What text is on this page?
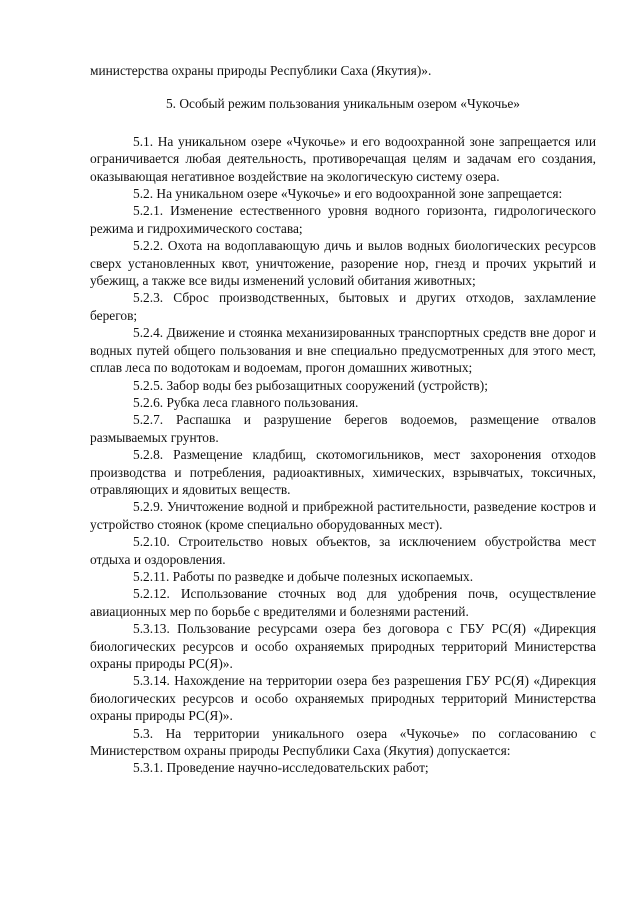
министерства охраны природы Республики Саха (Якутия)».

5. Особый режим пользования уникальным озером «Чукочье»

5.1. На уникальном озере «Чукочье» и его водоохранной зоне запрещается или ограничивается любая деятельность, противоречащая целям и задачам его создания, оказывающая негативное воздействие на экологическую систему озера.

5.2. На уникальном озере «Чукочье» и его водоохранной зоне запрещается:

5.2.1. Изменение естественного уровня водного горизонта, гидрологического режима и гидрохимического состава;

5.2.2. Охота на водоплавающую дичь и вылов водных биологических ресурсов сверх установленных квот, уничтожение, разорение нор, гнезд и прочих укрытий и убежищ, а также все виды изменений условий обитания животных;

5.2.3. Сброс производственных, бытовых и других отходов, захламление берегов;

5.2.4. Движение и стоянка механизированных транспортных средств вне дорог и водных путей общего пользования и вне специально предусмотренных для этого мест, сплав леса по водотокам и водоемам, прогон домашних животных;

5.2.5. Забор воды без рыбозащитных сооружений (устройств);

5.2.6. Рубка леса главного пользования.

5.2.7. Распашка и разрушение берегов водоемов, размещение отвалов размываемых грунтов.

5.2.8. Размещение кладбищ, скотомогильников, мест захоронения отходов производства и потребления, радиоактивных, химических, взрывчатых, токсичных, отравляющих и ядовитых веществ.

5.2.9. Уничтожение водной и прибрежной растительности, разведение костров и устройство стоянок (кроме специально оборудованных мест).

5.2.10. Строительство новых объектов, за исключением обустройства мест отдыха и оздоровления.

5.2.11. Работы по разведке и добыче полезных ископаемых.

5.2.12. Использование сточных вод для удобрения почв, осуществление авиационных мер по борьбе с вредителями и болезнями растений.

5.3.13. Пользование ресурсами озера без договора с ГБУ РС(Я) «Дирекция биологических ресурсов и особо охраняемых природных территорий Министерства охраны природы РС(Я)».

5.3.14. Нахождение на территории озера без разрешения ГБУ РС(Я) «Дирекция биологических ресурсов и особо охраняемых природных территорий Министерства охраны природы РС(Я)».

5.3. На территории уникального озера «Чукочье» по согласованию с Министерством охраны природы Республики Саха (Якутия) допускается:

5.3.1. Проведение научно-исследовательских работ;
